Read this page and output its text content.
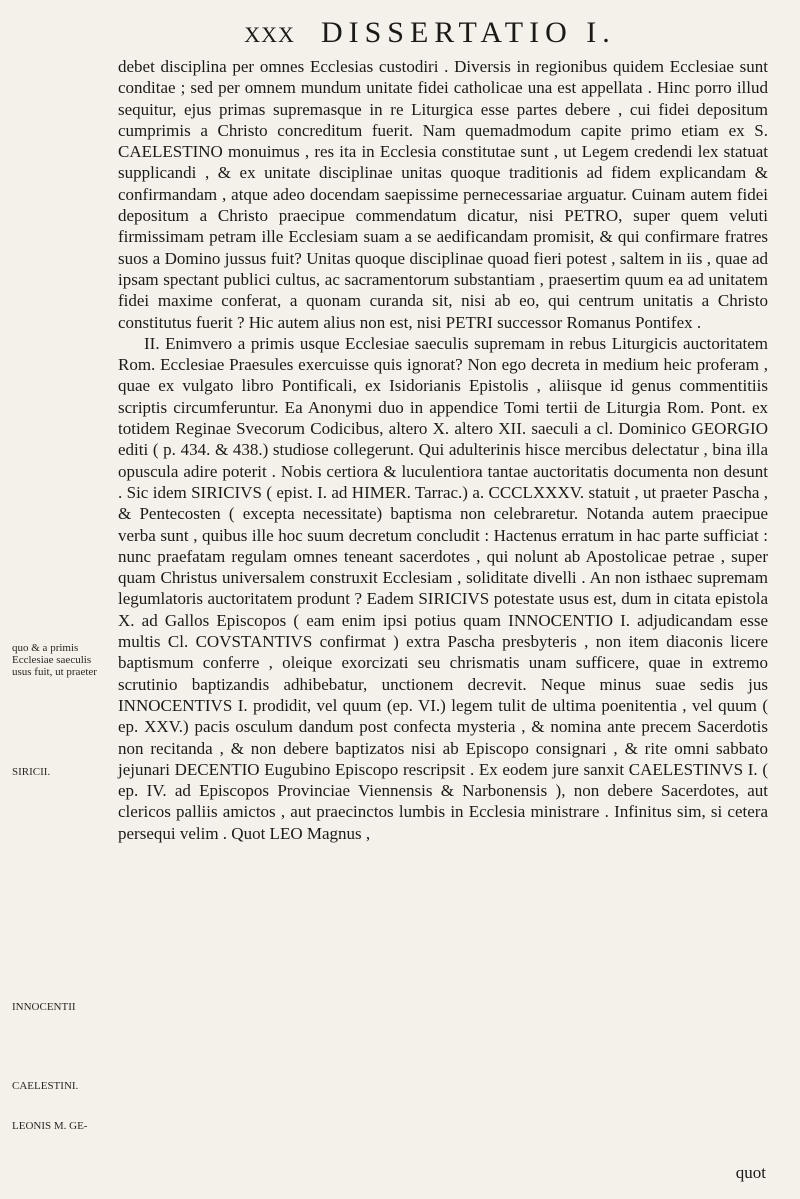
XXX DISSERTATIO I.
quo & a primis Ecclesiae saeculis usus fuit, ut praeter
SIRICII.
INNOCENTII
CAELESTINI.
LEONIS M. GE-

debet disciplina per omnes Ecclesias custodiri . Diversis in regionibus quidem Ecclesiae sunt conditae ; sed per omnem mundum unitate fidei catholicae una est appellata . Hinc porro illud sequitur, ejus primas supremasque in re Liturgica esse partes debere , cui fidei depositum cumprimis a Christo concreditum fuerit. Nam quemadmodum capite primo etiam ex S. CAELESTINO monuimus , res ita in Ecclesia constitutae sunt , ut Legem credendi lex statuat supplicandi , & ex unitate disciplinae unitas quoque traditionis ad fidem explicandam & confirmandam , atque adeo docendam saepissime pernecessariae arguatur. Cuinam autem fidei depositum a Christo praecipue commendatum dicatur, nisi PETRO, super quem veluti firmissimam petram ille Ecclesiam suam a se aedificandam promisit, & qui confirmare fratres suos a Domino jussus fuit? Unitas quoque disciplinae quoad fieri potest , saltem in iis , quae ad ipsam spectant publici cultus, ac sacramentorum substantiam , praesertim quum ea ad unitatem fidei maxime conferat, a quonam curanda sit, nisi ab eo, qui centrum unitatis a Christo constitutus fuerit ? Hic autem alius non est, nisi PETRI successor Romanus Pontifex .

II. Enimvero a primis usque Ecclesiae saeculis supremam in rebus Liturgicis auctoritatem Rom. Ecclesiae Praesules exercuisse quis ignorat? Non ego decreta in medium heic proferam , quae ex vulgato libro Pontificali, ex Isidorianis Epistolis , aliisque id genus commentitiis scriptis circumferuntur. Ea Anonymi duo in appendice Tomi tertii de Liturgia Rom. Pont. ex totidem Reginae Svecorum Codicibus, altero X. altero XII. saeculi a cl. Dominico GEORGIO editi ( p. 434. & 438.) studiose collegerunt. Qui adulterinis hisce mercibus delectatur , bina illa opuscula adire poterit . Nobis certiora & luculentiora tantae auctoritatis documenta non desunt . Sic idem SIRICIVS ( epist. I. ad HIMER. Tarrac.) a. CCCLXXXV. statuit , ut praeter Pascha , & Pentecosten ( excepta necessitate) baptisma non celebraretur. Notanda autem praecipue verba sunt , quibus ille hoc suum decretum concludit : Hactenus erratum in hac parte sufficiat : nunc praefatam regulam omnes teneant sacerdotes , qui nolunt ab Apostolicae petrae , super quam Christus universalem construxit Ecclesiam , soliditate divelli . An non isthaec supremam legumlatoris auctoritatem produnt ? Eadem SIRICIVS potestate usus est, dum in citata epistola X. ad Gallos Episcopos ( eam enim ipsi potius quam INNOCENTIO I. adjudicandam esse multis Cl. COVSTANTIVS confirmat ) extra Pascha presbyteris , non item diaconis licere baptismum conferre , oleique exorcizati seu chrismatis unam sufficere, quae in extremo scrutinio baptizandis adhibebatur, unctionem decrevit. Neque minus suae sedis jus INNOCENTIVS I. prodidit, vel quum (ep. VI.) legem tulit de ultima poenitentia , vel quum ( ep. XXV.) pacis osculum dandum post confecta mysteria , & nomina ante precem Sacerdotis non recitanda , & non debere baptizatos nisi ab Episcopo consignari , & rite omni sabbato jejunari DECENTIO Eugubino Episcopo rescripsit . Ex eodem jure sanxit CAELESTINVS I. ( ep. IV. ad Episcopos Provinciae Viennensis & Narbonensis ), non debere Sacerdotes, aut clericos palliis amictos , aut praecinctos lumbis in Ecclesia ministrare . Infinitus sim, si cetera persequi velim . Quot LEO Magnus ,

quot
